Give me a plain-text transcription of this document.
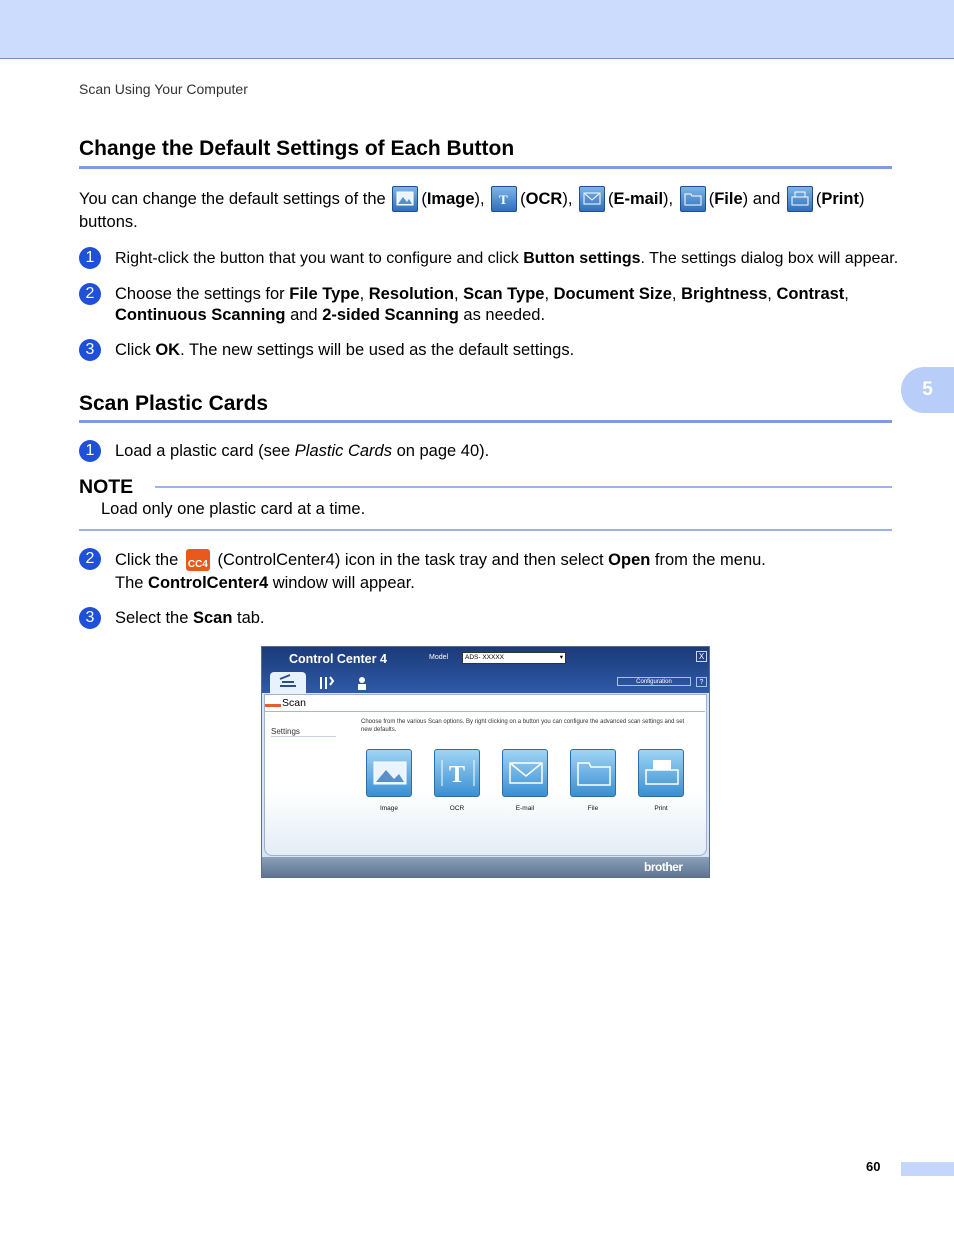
Scan Using Your Computer
Change the Default Settings of Each Button
You can change the default settings of the (Image), T (OCR),
(E-mail),
(File) and
(Print)
buttons.
1	Right-click the button that you want to configure and click Button settings. The settings dialog box will appear.
2	Choose the settings for File Type, Resolution, Scan Type, Document Size, Brightness, Contrast,
Continuous Scanning and 2-sided Scanning as needed.
3	Click OK. The new settings will be used as the default settings.
5
Scan Plastic Cards
1	Load a plastic card (see Plastic Cards on page 40).
NOTE
Load only one plastic card at a time.
2	Click the CC4 (ControlCenter4) icon in the task tray and then select Open from the menu.
The ControlCenter4 window will appear.
3	Select the Scan tab.
Control Center 4	Model	ADS- XXXXX	▾	X
Configuration	?
Scan
Settings
Choose from the various Scan options. By right clicking on a button you can configure the advanced scan settings and set new defaults.
T
Image	OCR	E-mail	File	Print
brother
60
